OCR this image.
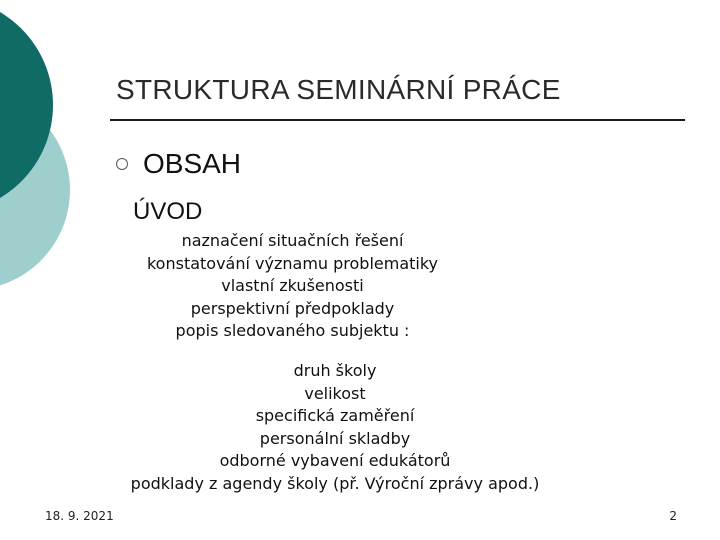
STRUKTURA SEMINÁRNÍ PRÁCE
OBSAH
ÚVOD
naznačení situačních řešení
konstatování významu problematiky
vlastní zkušenosti
perspektivní předpoklady
popis sledovaného subjektu :
druh školy
velikost
specifická zaměření
personální skladby
odborné vybavení edukátorů
podklady z agendy školy (př. Výroční zprávy apod.)
18. 9. 2021	2
